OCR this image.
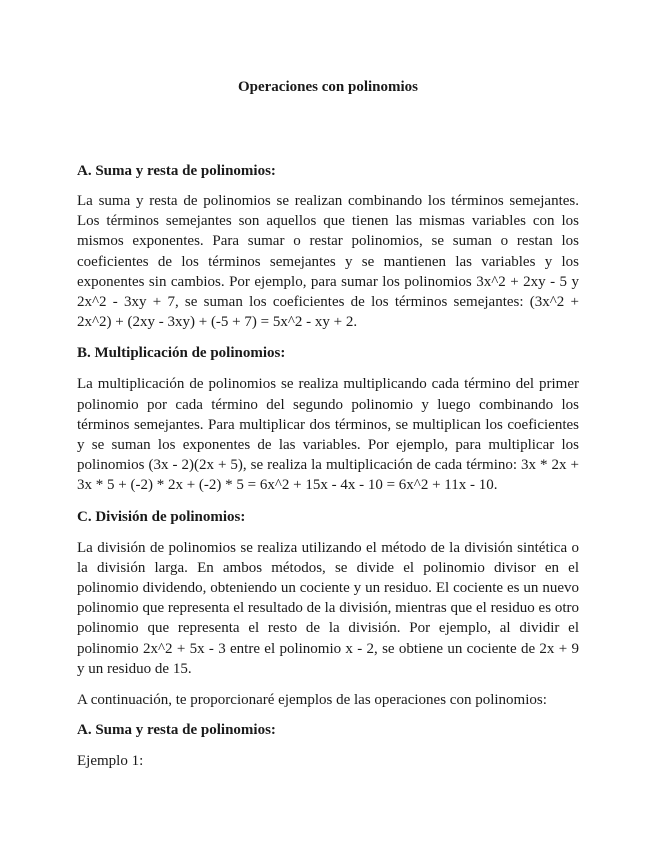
Operaciones con polinomios
A. Suma y resta de polinomios:

La suma y resta de polinomios se realizan combinando los términos semejantes. Los términos semejantes son aquellos que tienen las mismas variables con los mismos exponentes. Para sumar o restar polinomios, se suman o restan los coeficientes de los términos semejantes y se mantienen las variables y los exponentes sin cambios. Por ejemplo, para sumar los polinomios 3x^2 + 2xy - 5 y 2x^2 - 3xy + 7, se suman los coeficientes de los términos semejantes: (3x^2 + 2x^2) + (2xy - 3xy) + (-5 + 7) = 5x^2 - xy + 2.

B. Multiplicación de polinomios:

La multiplicación de polinomios se realiza multiplicando cada término del primer polinomio por cada término del segundo polinomio y luego combinando los términos semejantes. Para multiplicar dos términos, se multiplican los coeficientes y se suman los exponentes de las variables. Por ejemplo, para multiplicar los polinomios (3x - 2)(2x + 5), se realiza la multiplicación de cada término: 3x * 2x + 3x * 5 + (-2) * 2x + (-2) * 5 = 6x^2 + 15x - 4x - 10 = 6x^2 + 11x - 10.

C. División de polinomios:

La división de polinomios se realiza utilizando el método de la división sintética o la división larga. En ambos métodos, se divide el polinomio divisor en el polinomio dividendo, obteniendo un cociente y un residuo. El cociente es un nuevo polinomio que representa el resultado de la división, mientras que el residuo es otro polinomio que representa el resto de la división. Por ejemplo, al dividir el polinomio 2x^2 + 5x - 3 entre el polinomio x - 2, se obtiene un cociente de 2x + 9 y un residuo de 15.

A continuación, te proporcionaré ejemplos de las operaciones con polinomios:

A. Suma y resta de polinomios:

Ejemplo 1:
